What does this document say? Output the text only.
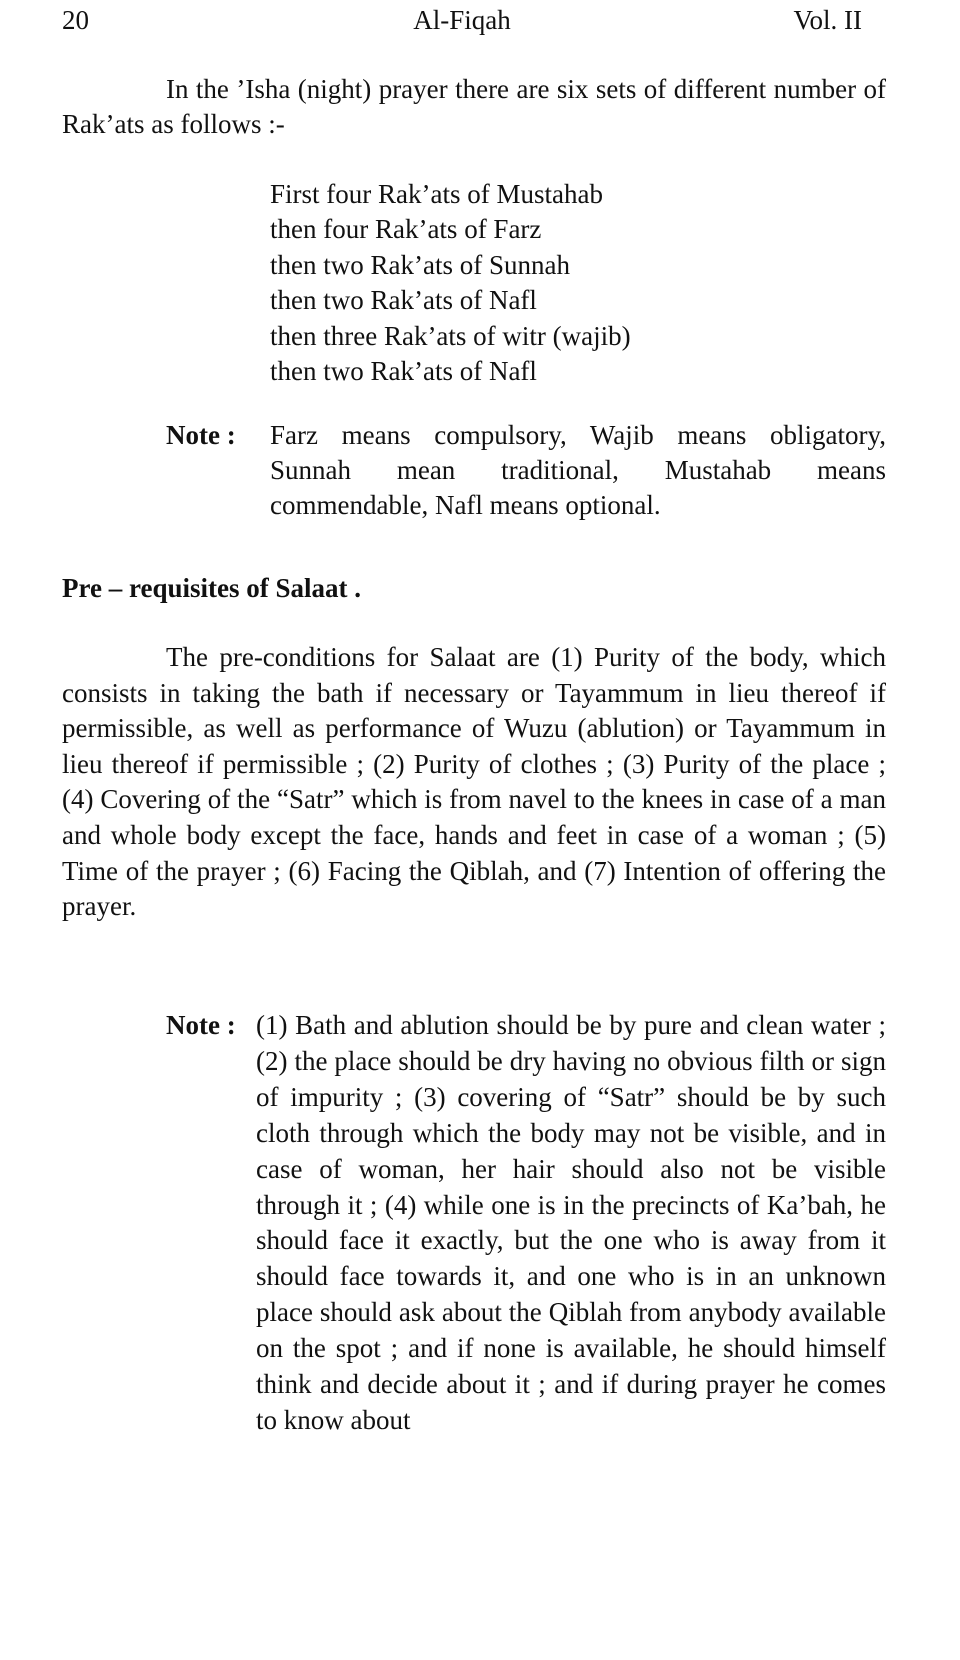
20	Al-Fiqah	Vol. II

In the ’Isha (night) prayer there are six sets of different number of Rak’ats as follows :-

First four Rak’ats of Mustahab
then four Rak’ats of Farz
then two Rak’ats of Sunnah
then two Rak’ats of Nafl
then three Rak’ats of witr (wajib)
then two Rak’ats of Nafl
Note : Farz means compulsory, Wajib means obligatory, Sunnah mean traditional, Mustahab means commendable, Nafl means optional.

Pre – requisites of Salaat .

The pre-conditions for Salaat are (1) Purity of the body, which consists in taking the bath if necessary or Tayammum in lieu thereof if permissible, as well as performance of Wuzu (ablution) or Tayammum in lieu thereof if permissible ; (2) Purity of clothes ; (3) Purity of the place ; (4) Covering of the “Satr” which is from navel to the knees in case of a man and whole body except the face, hands and feet in case of a woman ; (5) Time of the prayer ; (6) Facing the Qiblah, and (7) Intention of offering the prayer.

Note : (1) Bath and ablution should be by pure and clean water ; (2) the place should be dry having no obvious filth or sign of impurity ; (3) covering of “Satr” should be by such cloth through which the body may not be visible, and in case of woman, her hair should also not be visible through it ; (4) while one is in the precincts of Ka’bah, he should face it exactly, but the one who is away from it should face towards it, and one who is in an unknown place should ask about the Qiblah from anybody available on the spot ; and if none is available, he should himself think and decide about it ; and if during prayer he comes to know about
